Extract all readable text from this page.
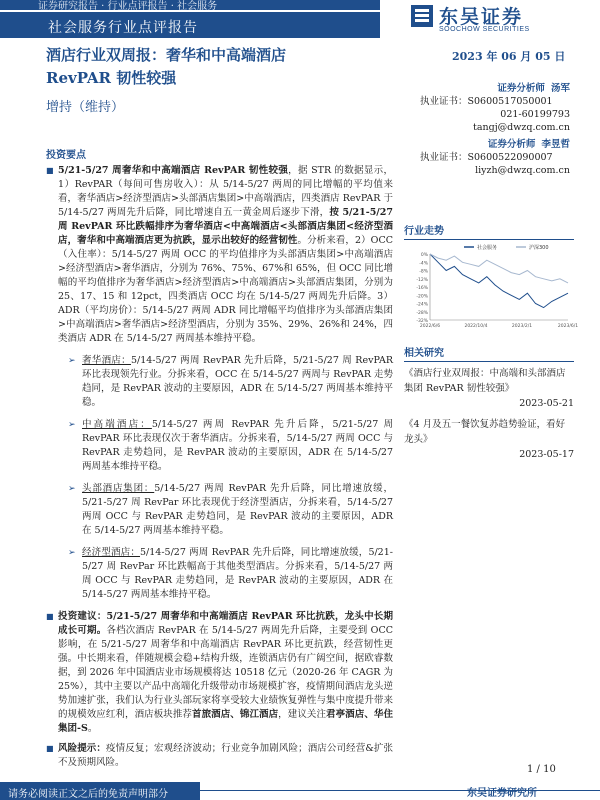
证券研究报告 · 行业点评报告 · 社会服务
社会服务行业点评报告	东吴证券
SOOCHOW SECURITIES
酒店行业双周报：奢华和中高端酒店
RevPAR 韧性较强
2023 年 06 月 05 日
增持（维持）
证券分析师 汤军
执业证书：S0600517050001
021-60199793
tangj@dwzq.com.cn
证券分析师 李昱哲
执业证书：S0600522090007
liyzh@dwzq.com.cn
投资要点

■ 5/21-5/27 周奢华和中高端酒店 RevPAR 韧性较强，据 STR 的数据显示，1）RevPAR（每间可售房收入）：从 5/14-5/27 两周的同比增幅的平均值来看，奢华酒店>经济型酒店>头部酒店集团>中高端酒店，四类酒店 RevPAR 于 5/14-5/27 两周先升后降，同比增速自五一黄金周后逐步下滑，按 5/21-5/27 周 RevPAR 环比跌幅排序为奢华酒店<中高端酒店<头部酒店集团<经济型酒店，奢华和中高端酒店更为抗跌，显示出较好的经营韧性。分析来看，2）OCC（入住率）：5/14-5/27 两周 OCC 的平均值排序为头部酒店集团>中高端酒店>经济型酒店>奢华酒店，分别为 76%、75%、67%和 65%，但 OCC 同比增幅的平均值排序为奢华酒店>经济型酒店>中高端酒店>头部酒店集团，分别为 25、17、15 和 12pct，四类酒店 OCC 均在 5/14-5/27 两周先升后降。3）ADR（平均房价）：5/14-5/27 两周 ADR 同比增幅平均值排序为头部酒店集团>中高端酒店>奢华酒店>经济型酒店，分别为 35%、29%、26%和 24%，四类酒店 ADR 在 5/14-5/27 两周基本维持平稳。

➢ 奢华酒店：5/14-5/27 两周 RevPAR 先升后降，5/21-5/27 周 RevPAR 环比表现领先行业。分拆来看，OCC 在 5/14-5/27 两周与 RevPAR 走势趋同，是 RevPAR 波动的主要原因，ADR 在 5/14-5/27 两周基本维持平稳。

➢ 中高端酒店：5/14-5/27 两周 RevPAR 先升后降，5/21-5/27 周 RevPAR 环比表现仅次于奢华酒店。分拆来看，5/14-5/27 两周 OCC 与 RevPAR 走势趋同，是 RevPAR 波动的主要原因，ADR 在 5/14-5/27 两周基本维持平稳。

➢ 头部酒店集团：5/14-5/27 两周 RevPAR 先升后降，同比增速放缓，5/21-5/27 周 RevPar 环比表现优于经济型酒店，分拆来看，5/14-5/27 两周 OCC 与 RevPAR 走势趋同，是 RevPAR 波动的主要原因，ADR 在 5/14-5/27 两周基本维持平稳。

➢ 经济型酒店：5/14-5/27 两周 RevPAR 先升后降，同比增速放缓，5/21-5/27 周 RevPar 环比跌幅高于其他类型酒店。分拆来看，5/14-5/27 两周 OCC 与 RevPAR 走势趋同，是 RevPAR 波动的主要原因，ADR 在 5/14-5/27 两周基本维持平稳。

■ 投资建议：5/21-5/27 周奢华和中高端酒店 RevPAR 环比抗跌，龙头中长期成长可期。各档次酒店 RevPAR 在 5/14-5/27 两周先升后降，主要受到 OCC 影响，在 5/21-5/27 周奢华和中高端酒店 RevPAR 环比更抗跌，经营韧性更强。中长期来看，伴随规模会稳+结构升级，连锁酒店仍有广阔空间，据欧睿数据，到 2026 年中国酒店业市场规模将达 10518 亿元（2020-26 年 CAGR 为 25%），其中主要以产品中高端化升级带动市场规模扩容，疫情期间酒店龙头逆势加速扩张，我们认为行业头部玩家将享受较大业绩恢复弹性与集中度提升带来的规模效应红利，酒店板块推荐首旅酒店、锦江酒店，建议关注君亭酒店、华住集团-S。

■ 风险提示：疫情反复；宏观经济波动；行业竞争加剧风险；酒店公司经营&扩张不及预期风险。

行业走势
0%
-4%
-8%
-12%
-16%
-20%
-24%
-28%
-32%
2022/6/6	2022/10/4	2023/2/1	2023/6/1
社会服务	沪深300
相关研究
《酒店行业双周报：中高端和头部酒店集团 RevPAR 韧性较强》
2023-05-21
《4 月及五一餐饮复苏趋势验证，看好龙头》
2023-05-17
1 / 10
请务必阅读正文之后的免责声明部分	东吴证券研究所
